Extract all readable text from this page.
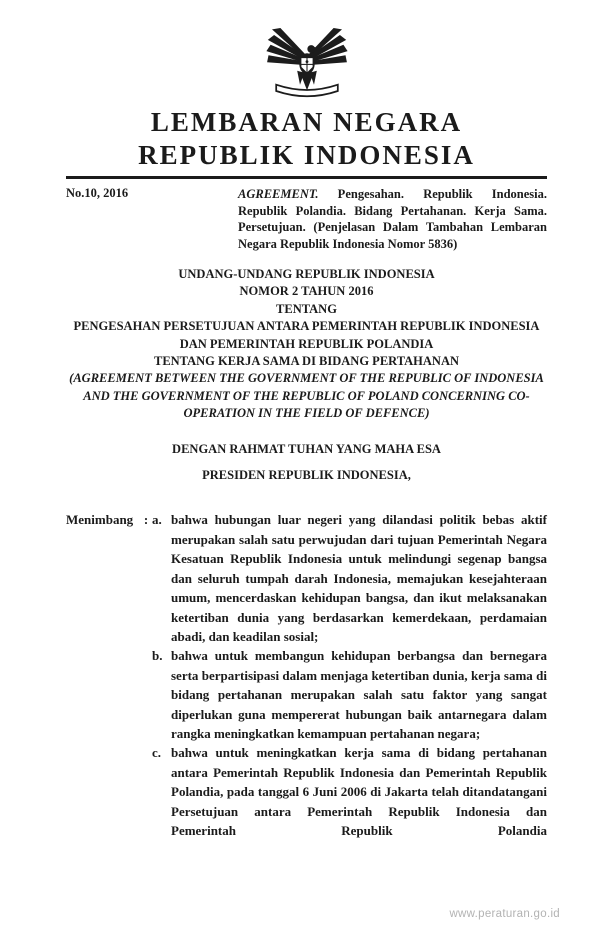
LEMBARAN NEGARA
REPUBLIK INDONESIA
No.10, 2016	AGREEMENT. Pengesahan. Republik Indonesia. Republik Polandia. Bidang Pertahanan. Kerja Sama. Persetujuan. (Penjelasan Dalam Tambahan Lembaran Negara Republik Indonesia Nomor 5836)

UNDANG-UNDANG REPUBLIK INDONESIA
NOMOR 2 TAHUN 2016
TENTANG
PENGESAHAN PERSETUJUAN ANTARA PEMERINTAH REPUBLIK INDONESIA DAN PEMERINTAH REPUBLIK POLANDIA
TENTANG KERJA SAMA DI BIDANG PERTAHANAN
(AGREEMENT BETWEEN THE GOVERNMENT OF THE REPUBLIC OF INDONESIA AND THE GOVERNMENT OF THE REPUBLIC OF POLAND CONCERNING CO-OPERATION IN THE FIELD OF DEFENCE)
DENGAN RAHMAT TUHAN YANG MAHA ESA
PRESIDEN REPUBLIK INDONESIA,
Menimbang : a. bahwa hubungan luar negeri yang dilandasi politik bebas aktif merupakan salah satu perwujudan dari tujuan Pemerintah Negara Kesatuan Republik Indonesia untuk melindungi segenap bangsa dan seluruh tumpah darah Indonesia, memajukan kesejahteraan umum, mencerdaskan kehidupan bangsa, dan ikut melaksanakan ketertiban dunia yang berdasarkan kemerdekaan, perdamaian abadi, dan keadilan sosial;
b. bahwa untuk membangun kehidupan berbangsa dan bernegara serta berpartisipasi dalam menjaga ketertiban dunia, kerja sama di bidang pertahanan merupakan salah satu faktor yang sangat diperlukan guna mempererat hubungan baik antarnegara dalam rangka meningkatkan kemampuan pertahanan negara;
c. bahwa untuk meningkatkan kerja sama di bidang pertahanan antara Pemerintah Republik Indonesia dan Pemerintah Republik Polandia, pada tanggal 6 Juni 2006 di Jakarta telah ditandatangani Persetujuan antara Pemerintah Republik Indonesia dan Pemerintah Republik Polandia
www.peraturan.go.id
